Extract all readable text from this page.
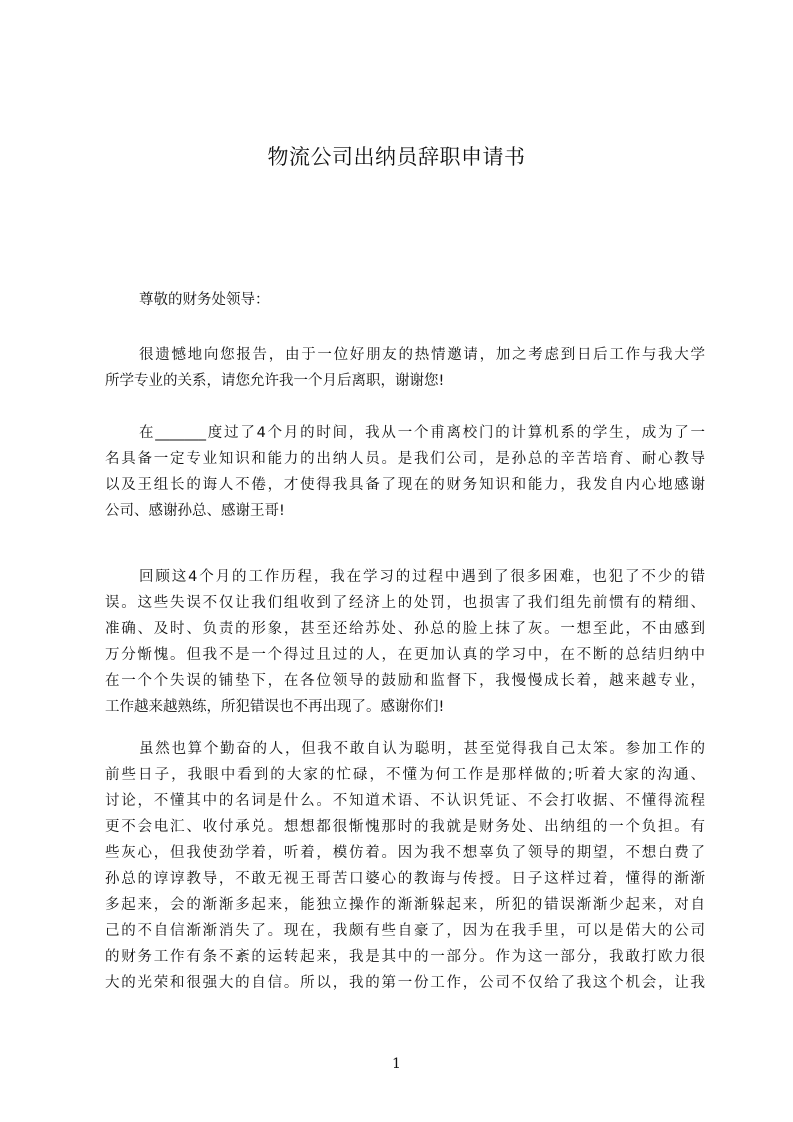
物流公司出纳员辞职申请书
尊敬的财务处领导：
很遗憾地向您报告，由于一位好朋友的热情邀请，加之考虑到日后工作与我大学
所学专业的关系，请您允许我一个月后离职，谢谢您!
在_______度过了4个月的时间，我从一个甫离校门的计算机系的学生，成为了一
名具备一定专业知识和能力的出纳人员。是我们公司，是孙总的辛苦培育、耐心教导
以及王组长的诲人不倦，才使得我具备了现在的财务知识和能力，我发自内心地感谢
公司、感谢孙总、感谢王哥!
回顾这4个月的工作历程，我在学习的过程中遇到了很多困难，也犯了不少的错
误。这些失误不仅让我们组收到了经济上的处罚，也损害了我们组先前惯有的精细、
准确、及时、负责的形象，甚至还给苏处、孙总的脸上抹了灰。一想至此，不由感到
万分惭愧。但我不是一个得过且过的人，在更加认真的学习中，在不断的总结归纳中
在一个个失误的铺垫下，在各位领导的鼓励和监督下，我慢慢成长着，越来越专业，
工作越来越熟练，所犯错误也不再出现了。感谢你们!
虽然也算个勤奋的人，但我不敢自认为聪明，甚至觉得我自己太笨。参加工作的
前些日子，我眼中看到的大家的忙碌，不懂为何工作是那样做的;听着大家的沟通、
讨论，不懂其中的名词是什么。不知道术语、不认识凭证、不会打收据、不懂得流程
更不会电汇、收付承兑。想想都很惭愧那时的我就是财务处、出纳组的一个负担。有
些灰心，但我使劲学着，听着，模仿着。因为我不想辜负了领导的期望，不想白费了
孙总的谆谆教导，不敢无视王哥苦口婆心的教诲与传授。日子这样过着，懂得的渐渐
多起来，会的渐渐多起来，能独立操作的渐渐躲起来，所犯的错误渐渐少起来，对自
己的不自信渐渐消失了。现在，我颇有些自豪了，因为在我手里，可以是偌大的公司
的财务工作有条不紊的运转起来，我是其中的一部分。作为这一部分，我敢打欧力很
大的光荣和很强大的自信。所以，我的第一份工作，公司不仅给了我这个机会，让我
1
